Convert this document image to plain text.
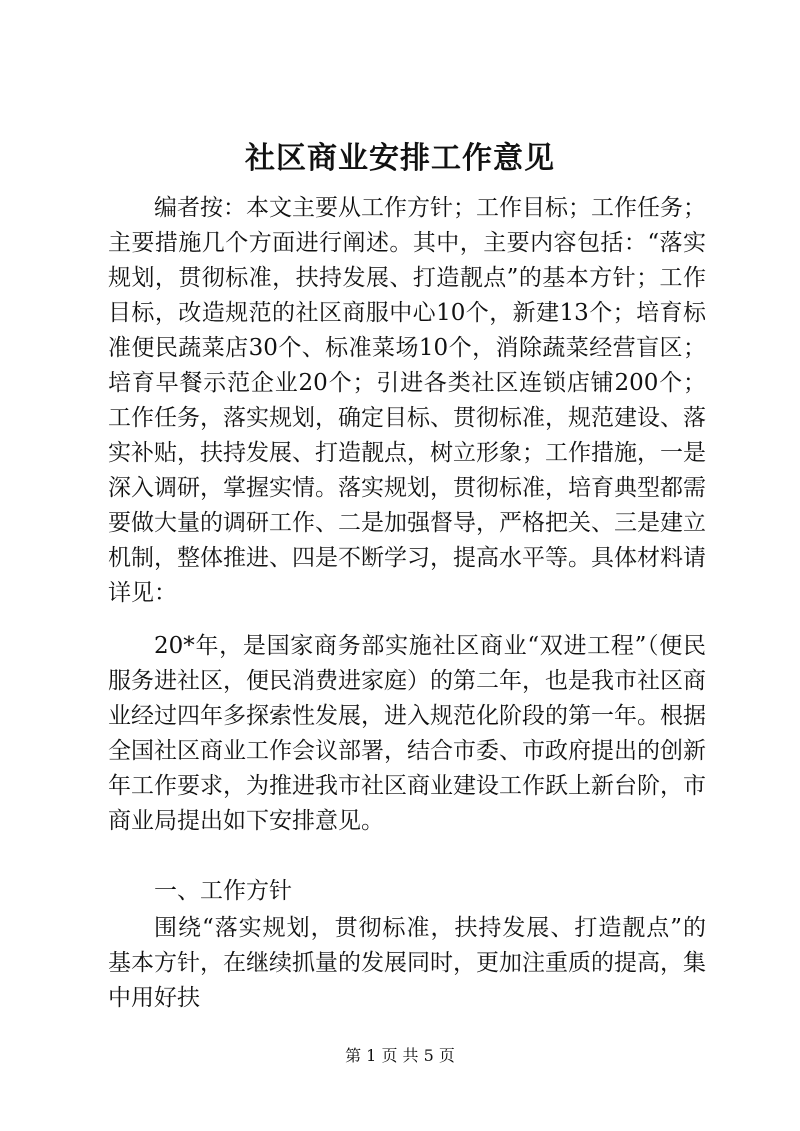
社区商业安排工作意见
编者按：本文主要从工作方针；工作目标；工作任务；主要措施几个方面进行阐述。其中，主要内容包括：“落实规划，贯彻标准，扶持发展、打造靓点”的基本方针；工作目标，改造规范的社区商服中心10个，新建13个；培育标准便民蔬菜店30个、标准菜场10个，消除蔬菜经营盲区；培育早餐示范企业20个；引进各类社区连锁店铺200个；工作任务，落实规划，确定目标、贯彻标准，规范建设、落实补贴，扶持发展、打造靓点，树立形象；工作措施，一是深入调研，掌握实情。落实规划，贯彻标准，培育典型都需要做大量的调研工作、二是加强督导，严格把关、三是建立机制，整体推进、四是不断学习，提高水平等。具体材料请详见：
20*年，是国家商务部实施社区商业“双进工程”（便民服务进社区，便民消费进家庭）的第二年，也是我市社区商业经过四年多探索性发展，进入规范化阶段的第一年。根据全国社区商业工作会议部署，结合市委、市政府提出的创新年工作要求，为推进我市社区商业建设工作跃上新台阶，市商业局提出如下安排意见。
一、工作方针
围绕“落实规划，贯彻标准，扶持发展、打造靓点”的基本方针，在继续抓量的发展同时，更加注重质的提高，集中用好扶
第 1 页 共 5 页
